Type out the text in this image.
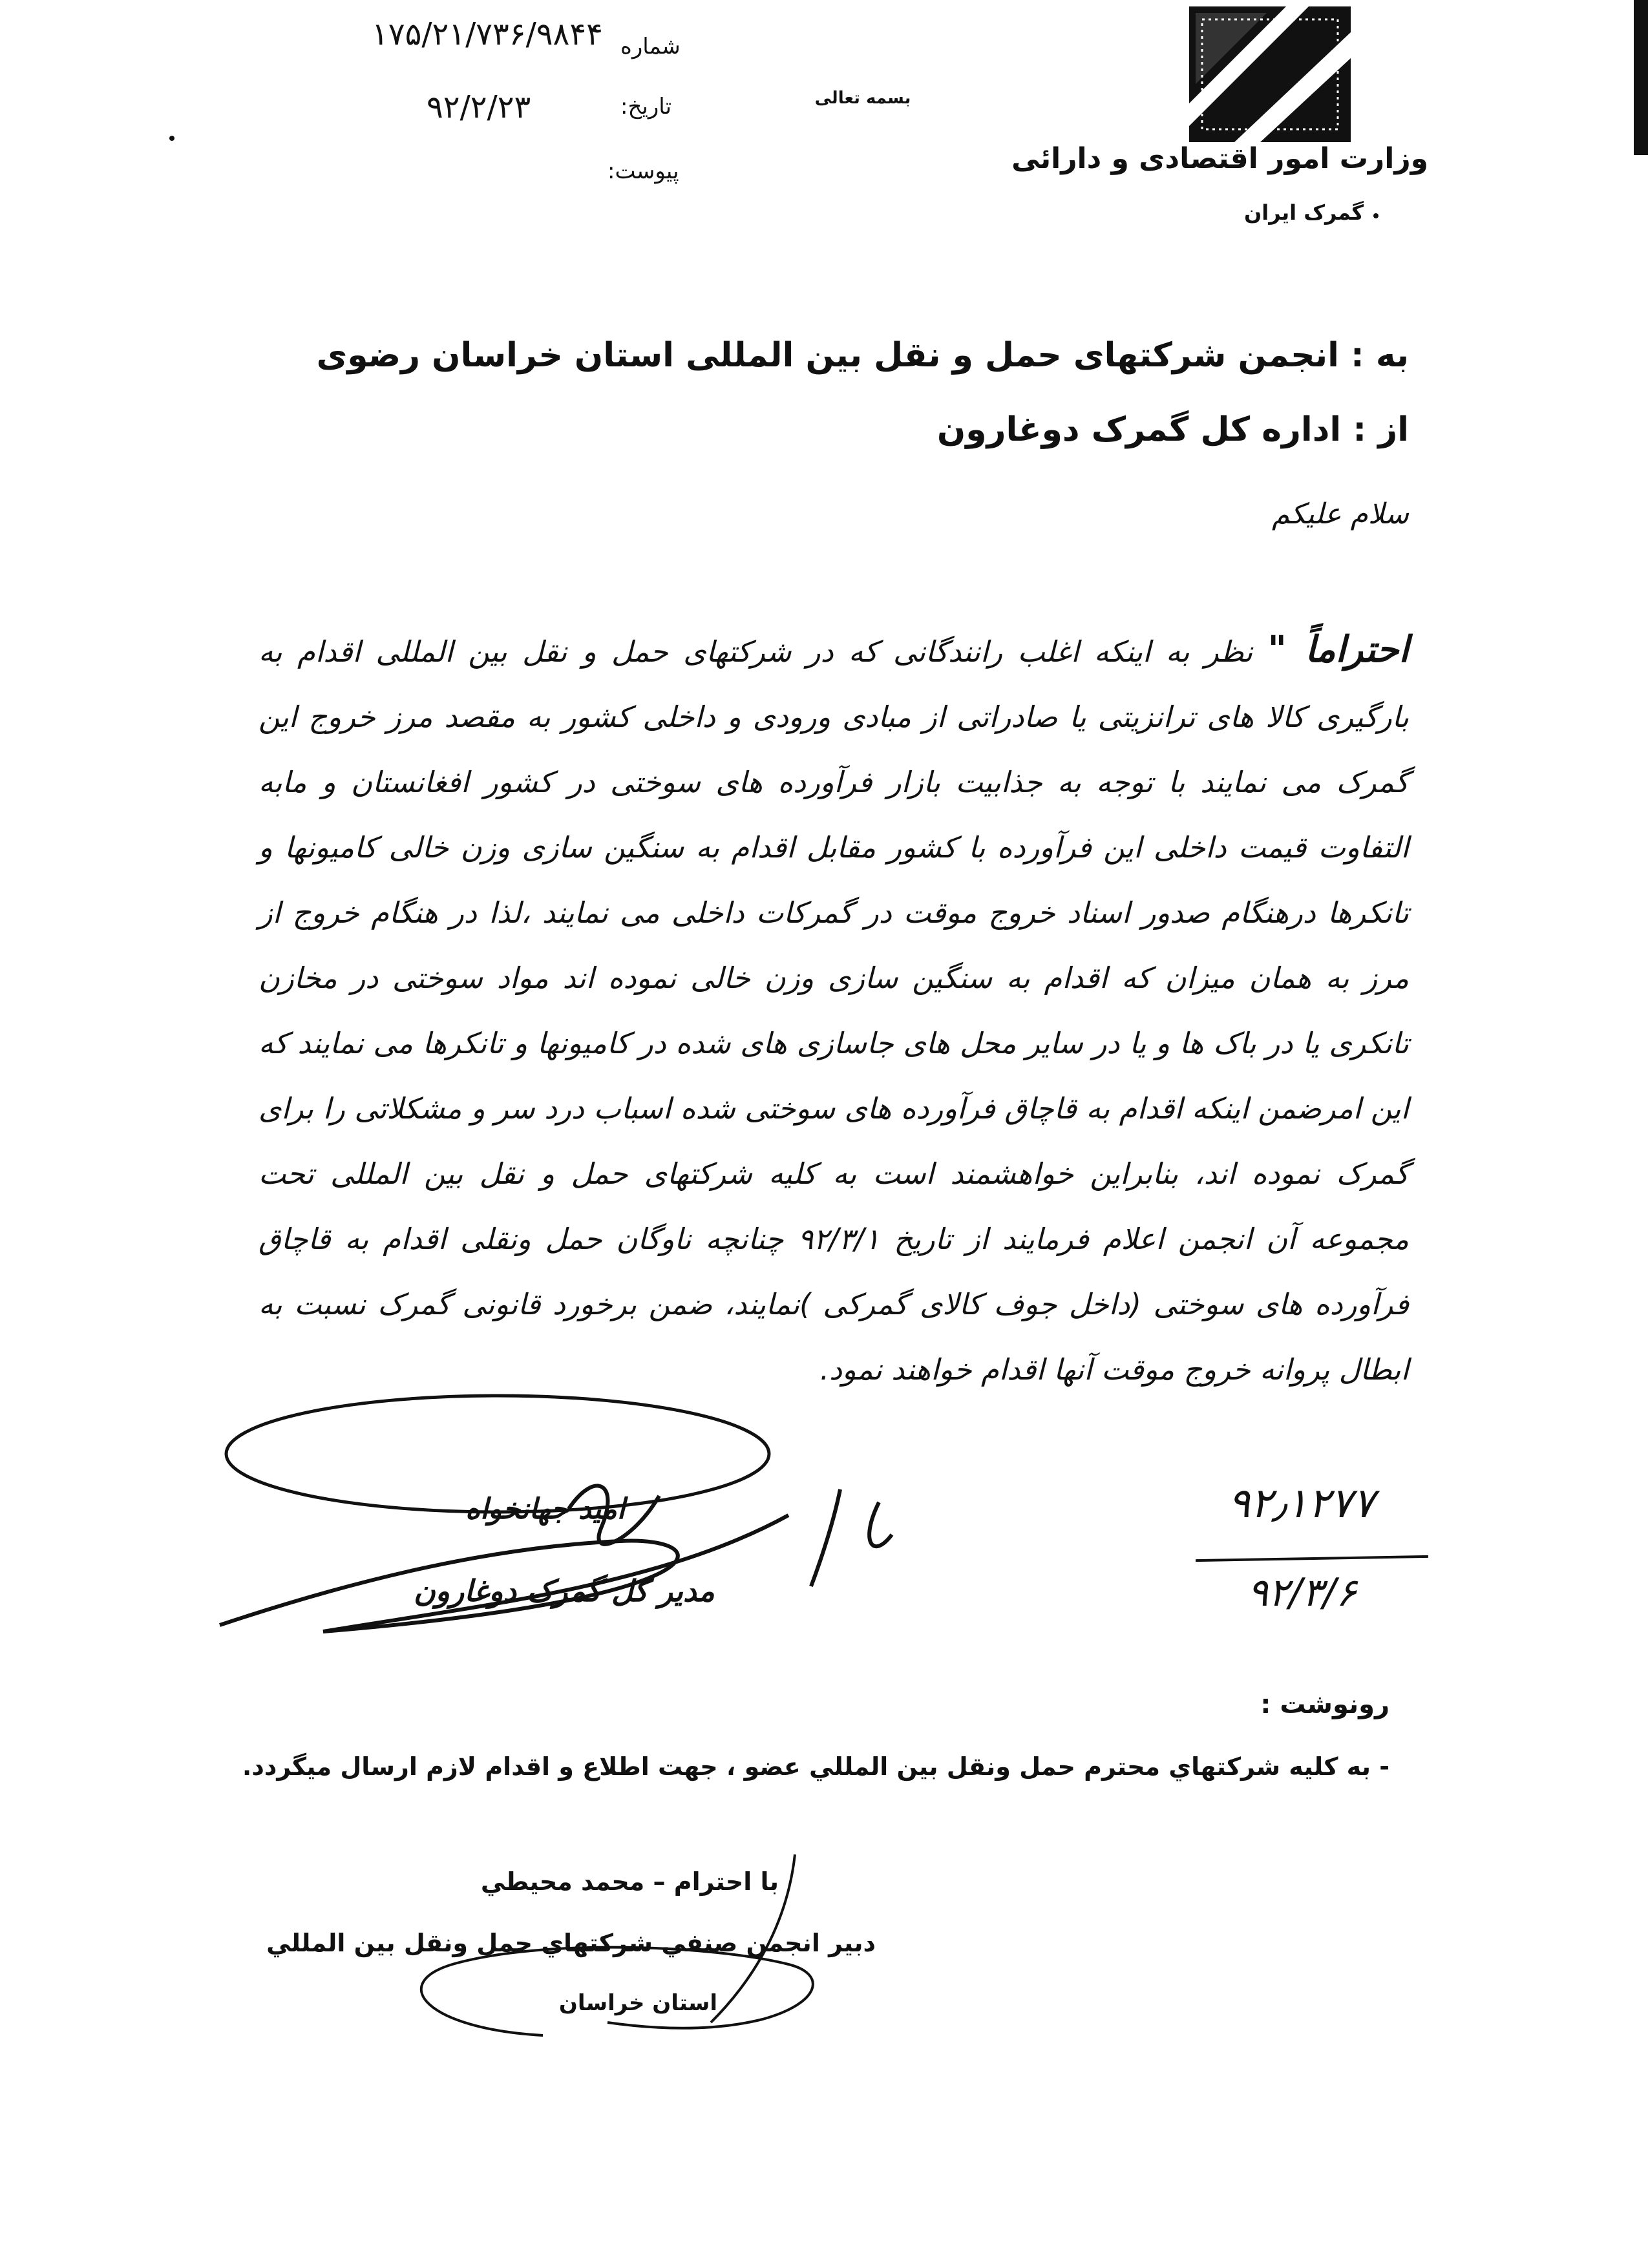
وزارت امور اقتصادی و دارائی
گمرک ایران
بسمه تعالی
شماره
۱۷۵/۲۱/۷۳۶/۹۸۴۴
تاریخ:
۹۲/۲/۲۳
پیوست:
به : انجمن شرکتهای حمل و نقل بین المللی استان خراسان رضوی
از : اداره کل گمرک دوغارون
سلام علیکم
احتراماً " نظر به اینکه اغلب رانندگانی که در شرکتهای حمل و نقل بین المللی اقدام به بارگیری کالا های ترانزیتی یا صادراتی از مبادی ورودی و داخلی کشور به مقصد مرز خروج این گمرک می نمایند با توجه به جذابیت بازار فرآورده های سوختی در کشور افغانستان و مابه التفاوت قیمت داخلی این فرآورده با کشور مقابل اقدام به سنگین سازی وزن خالی کامیونها و تانکرها درهنگام صدور اسناد خروج موقت در گمرکات داخلی می نمایند ،لذا در هنگام خروج از مرز به همان میزان که اقدام به سنگین سازی وزن خالی نموده اند مواد سوختی در مخازن تانکری یا در باک ها و یا در سایر محل های جاسازی های شده در کامیونها و تانکرها می نمایند که این امرضمن اینکه اقدام به قاچاق فرآورده های سوختی شده اسباب درد سر و مشکلاتی را برای گمرک نموده اند، بنابراین خواهشمند است به کلیه شرکتهای حمل و نقل بین المللی تحت مجموعه آن انجمن اعلام فرمایند از تاریخ ۹۲/۳/۱ چنانچه ناوگان حمل ونقلی اقدام به قاچاق فرآورده های سوختی (داخل جوف کالای گمرکی )نمایند، ضمن برخورد قانونی گمرک نسبت به ابطال پروانه خروج موقت آنها اقدام خواهند نمود.
امید جهانخواه
مدیر کل گمرک دوغارون
۹۲٫۱۲۷۷
۹۲/۳/۶
رونوشت :
- به کلیه شرکتهاي محترم حمل ونقل بین المللي عضو ، جهت اطلاع و اقدام لازم ارسال میگردد.
با احترام – محمد محیطي
دبیر انجمن صنفي شرکتهاي حمل ونقل بین المللي
استان خراسان
